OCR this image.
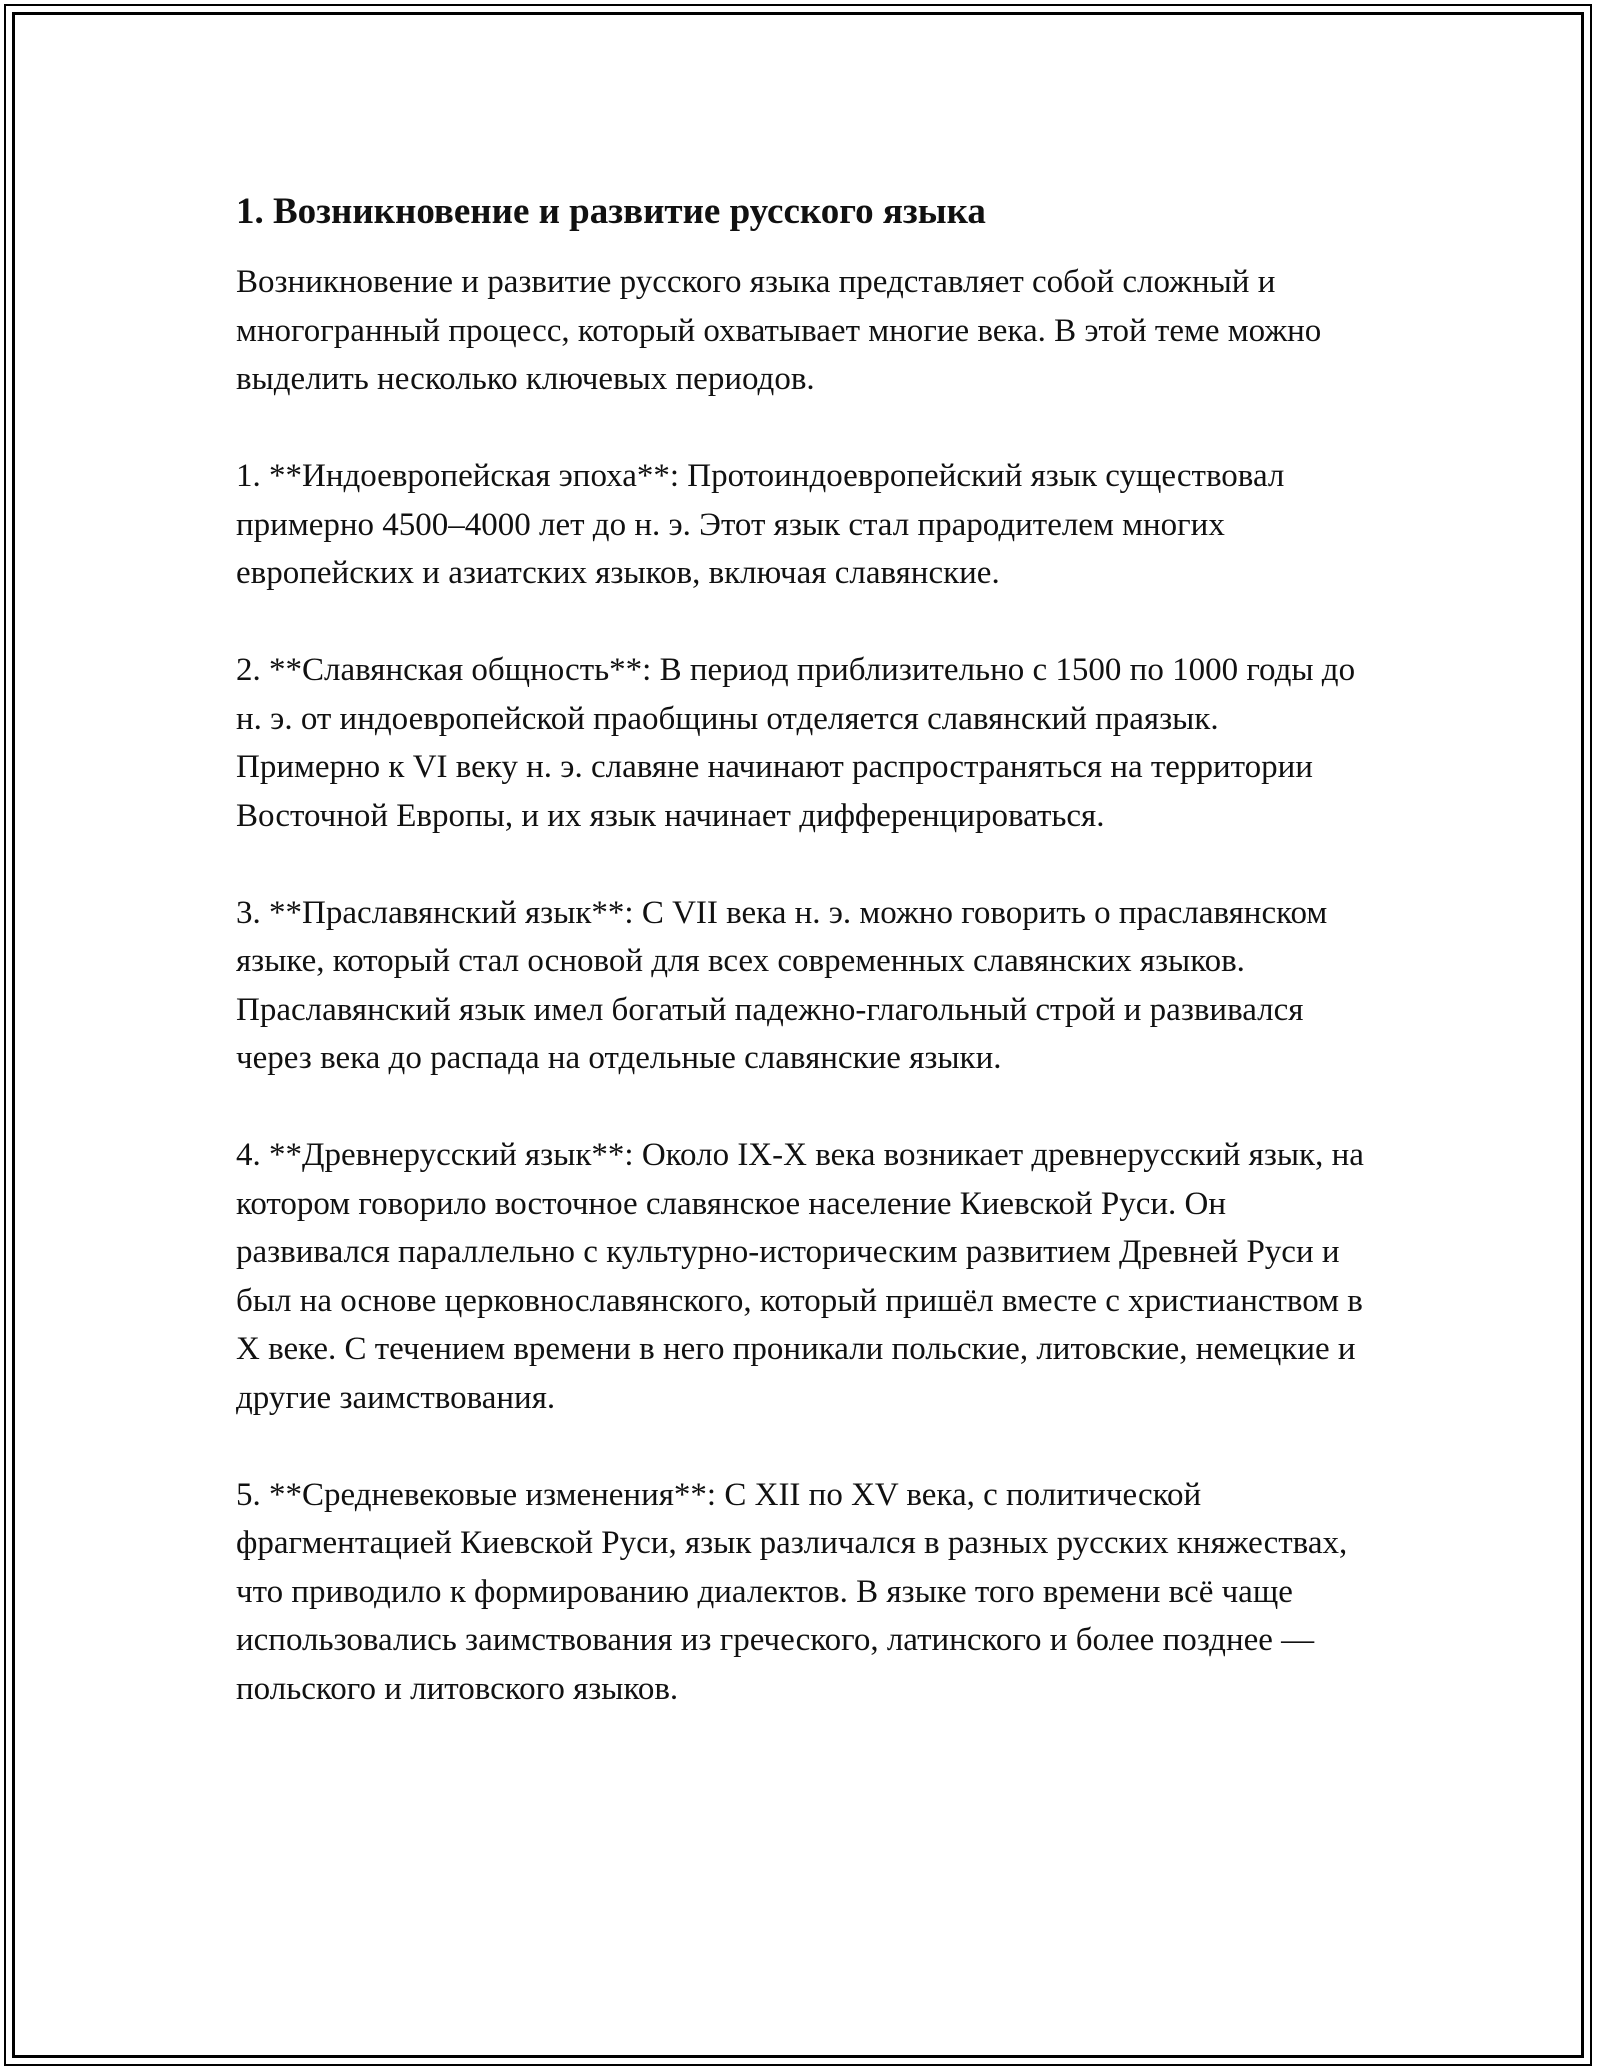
1. Возникновение и развитие русского языка

Возникновение и развитие русского языка представляет собой сложный и многогранный процесс, который охватывает многие века. В этой теме можно выделить несколько ключевых периодов.

1. **Индоевропейская эпоха**: Протоиндоевропейский язык существовал примерно 4500–4000 лет до н. э. Этот язык стал прародителем многих европейских и азиатских языков, включая славянские.

2. **Славянская общность**: В период приблизительно с 1500 по 1000 годы до н. э. от индоевропейской праобщины отделяется славянский праязык. Примерно к VI веку н. э. славяне начинают распространяться на территории Восточной Европы, и их язык начинает дифференцироваться.

3. **Праславянский язык**: С VII века н. э. можно говорить о праславянском языке, который стал основой для всех современных славянских языков. Праславянский язык имел богатый падежно-глагольный строй и развивался через века до распада на отдельные славянские языки.

4. **Древнерусский язык**: Около IX-X века возникает древнерусский язык, на котором говорило восточное славянское население Киевской Руси. Он развивался параллельно с культурно-историческим развитием Древней Руси и был на основе церковнославянского, который пришёл вместе с христианством в X веке. С течением времени в него проникали польские, литовские, немецкие и другие заимствования.

5. **Средневековые изменения**: С XII по XV века, с политической фрагментацией Киевской Руси, язык различался в разных русских княжествах, что приводило к формированию диалектов. В языке того времени всё чаще использовались заимствования из греческого, латинского и более позднее — польского и литовского языков.
